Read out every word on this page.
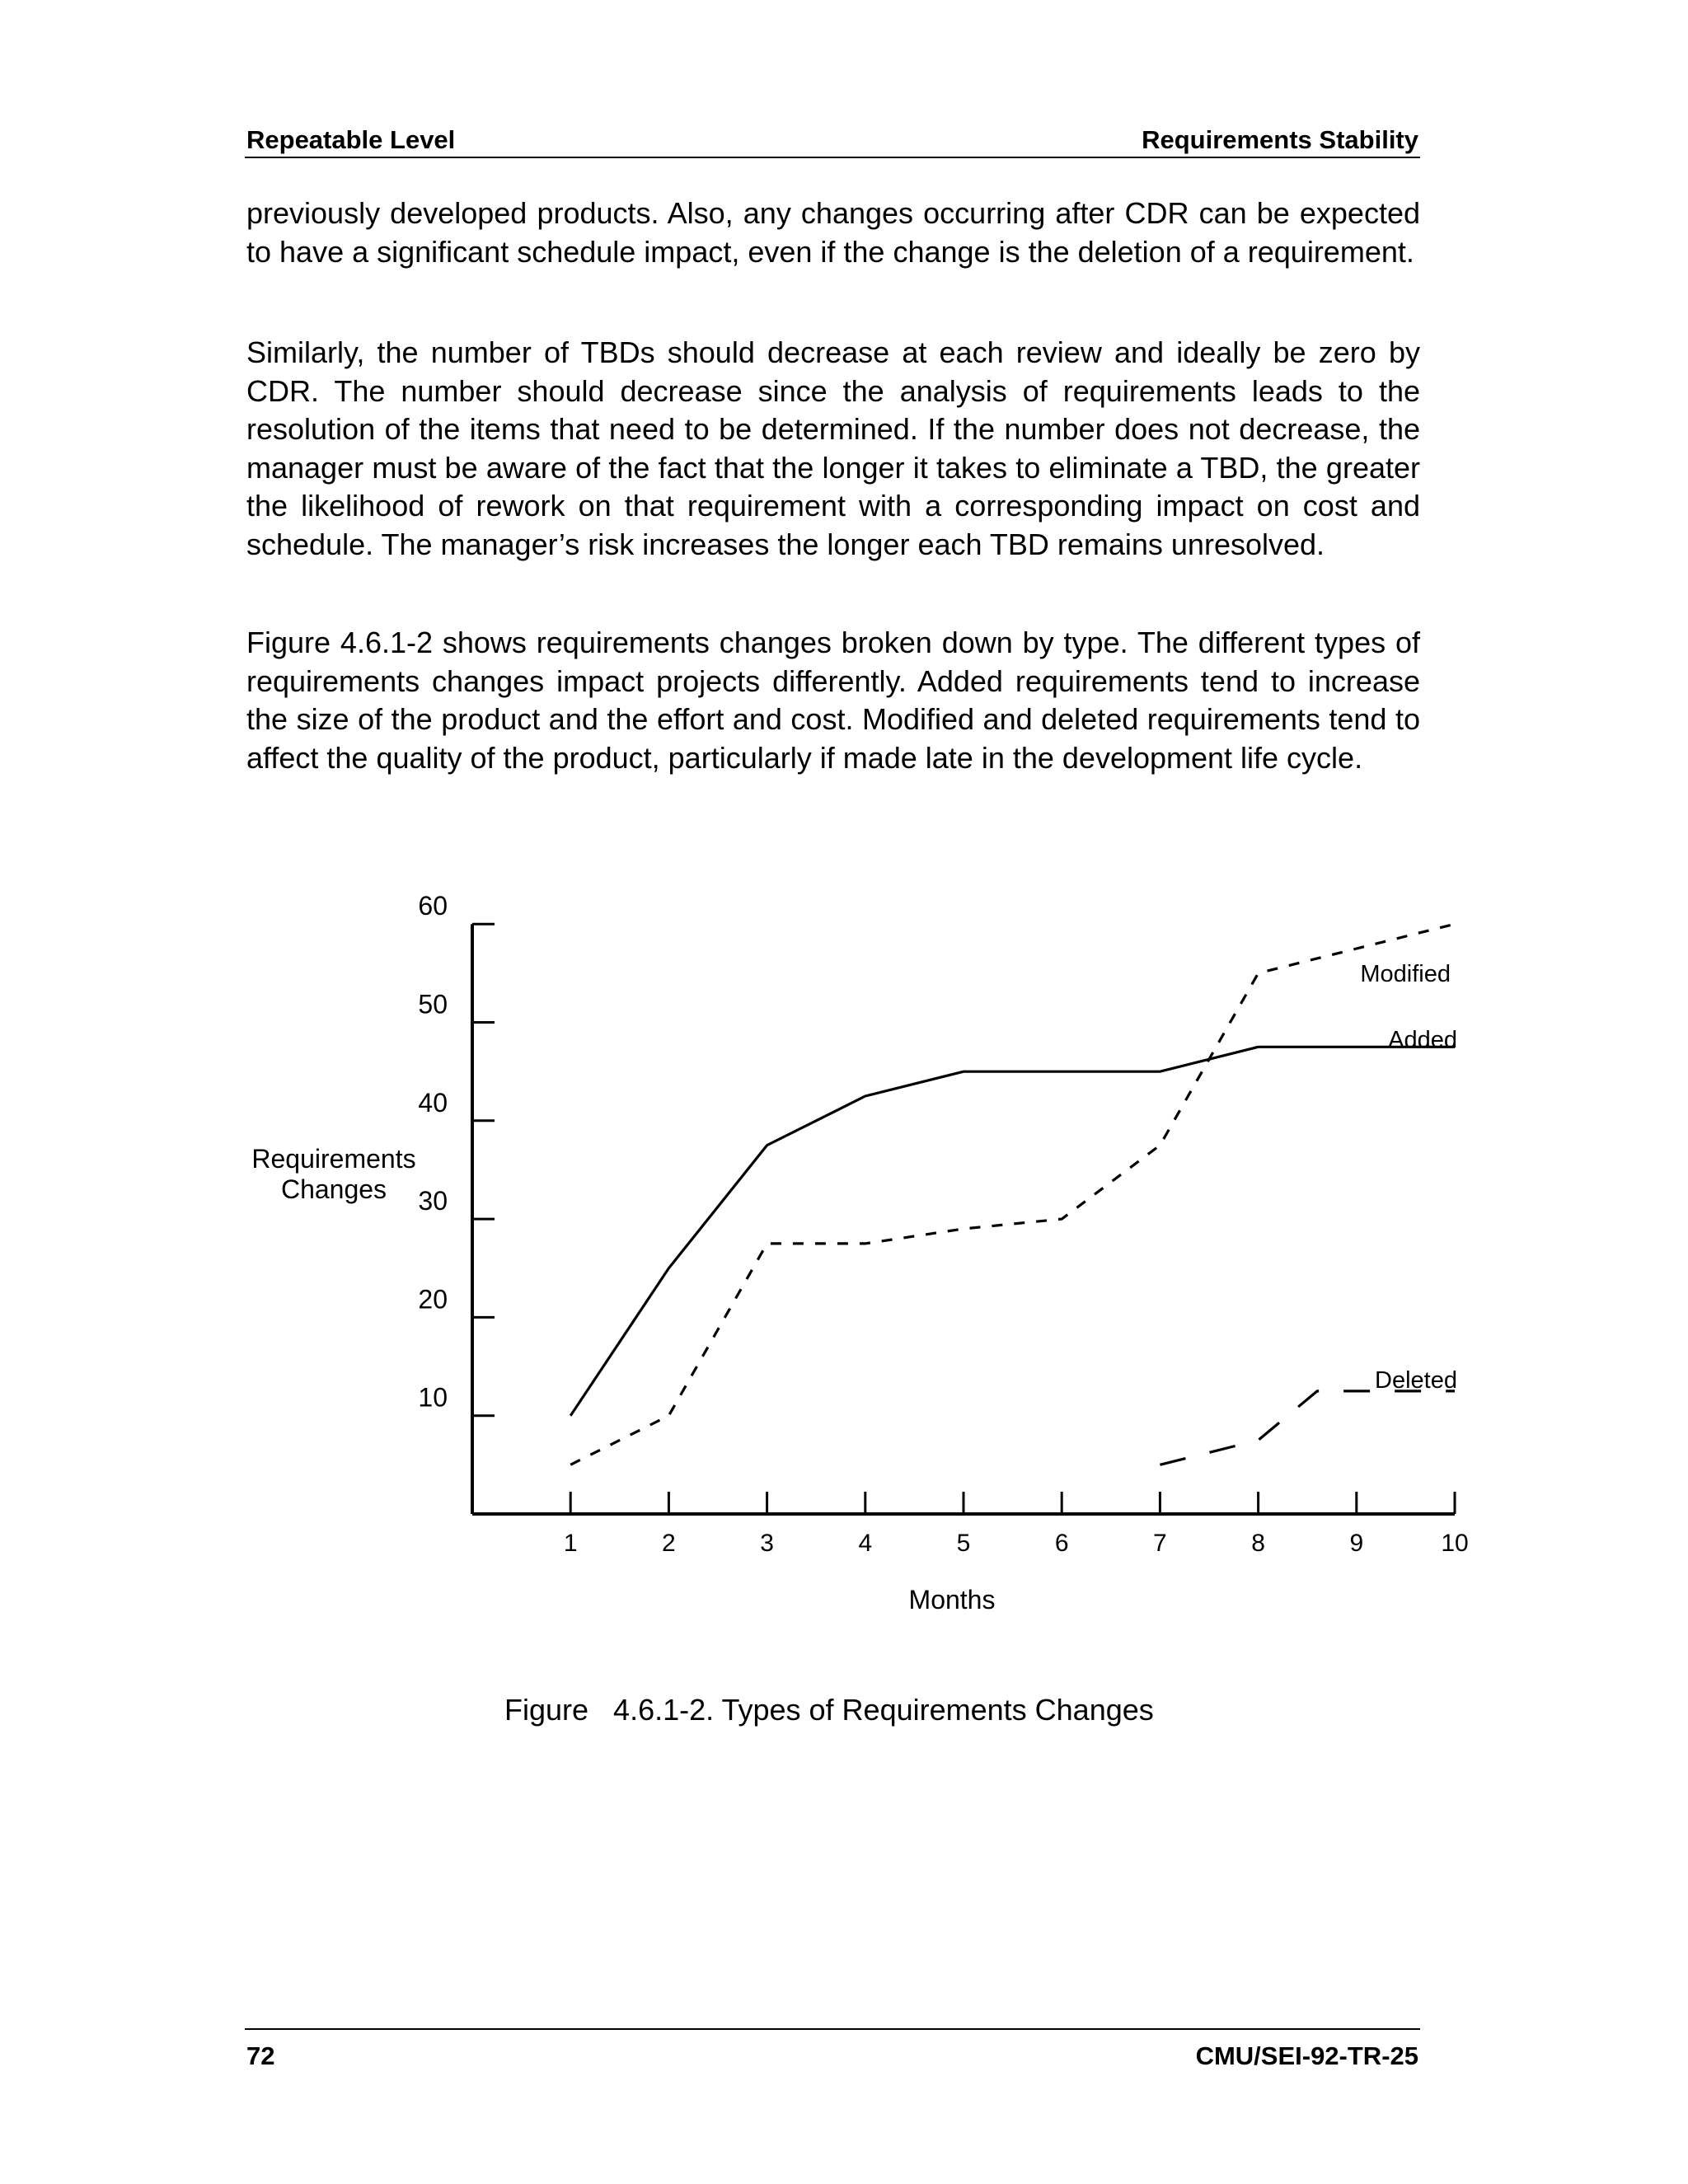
Repeatable Level	Requirements Stability
previously developed products. Also, any changes occurring after CDR can be expected to have a significant schedule impact, even if the change is the deletion of a requirement.
Similarly, the number of TBDs should decrease at each review and ideally be zero by CDR. The number should decrease since the analysis of requirements leads to the resolution of the items that need to be determined. If the number does not decrease, the manager must be aware of the fact that the longer it takes to eliminate a TBD, the greater the likelihood of rework on that requirement with a corresponding impact on cost and schedule. The manager’s risk increases the longer each TBD remains unresolved.
Figure 4.6.1-2 shows requirements changes broken down by type. The different types of requirements changes impact projects differently. Added requirements tend to increase the size of the product and the effort and cost. Modified and deleted requirements tend to affect the quality of the product, particularly if made late in the development life cycle.
10
20
30
40
50
60
1	2	3	4	5	6	7	8	9	10
Months
Requirements
Changes
Added
Modified
Deleted
Figure   4.6.1-2. Types of Requirements Changes
72	CMU/SEI-92-TR-25
